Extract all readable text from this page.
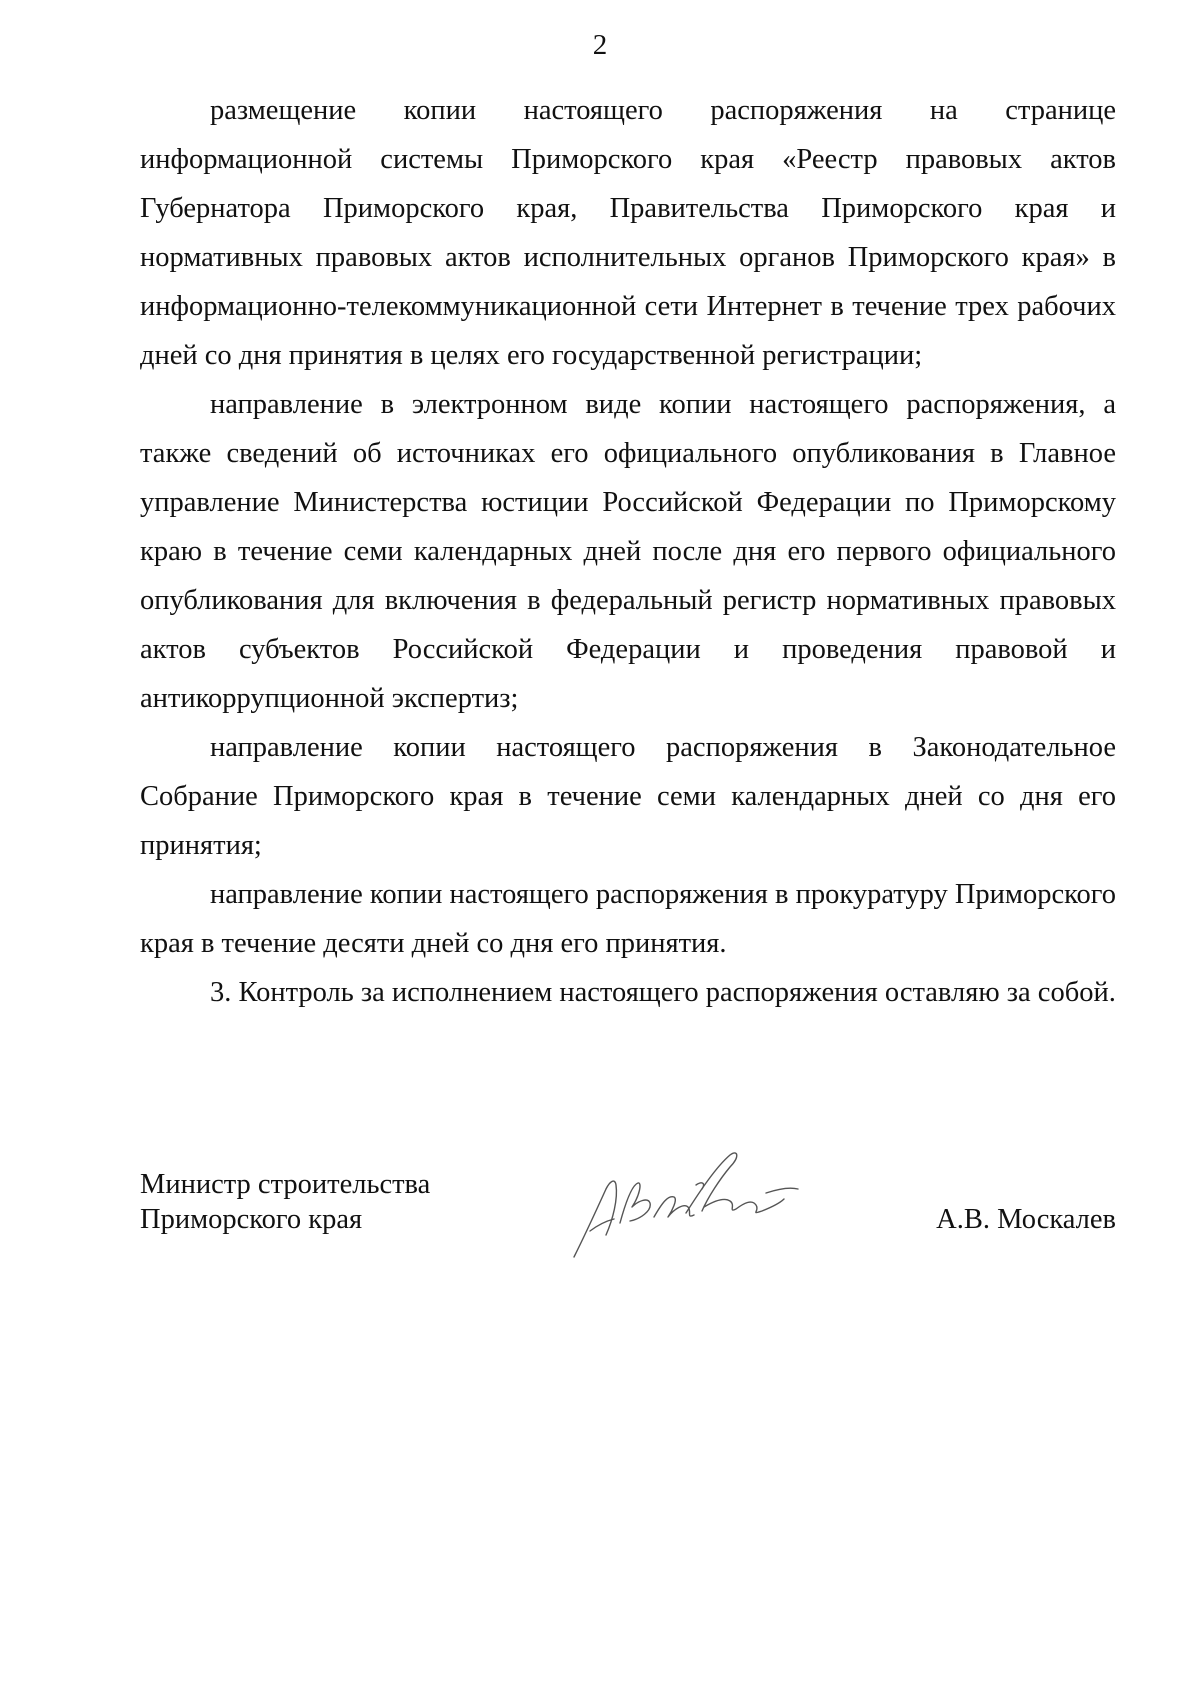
2

размещение копии настоящего распоряжения на странице информационной системы Приморского края «Реестр правовых актов Губернатора Приморского края, Правительства Приморского края и нормативных правовых актов исполнительных органов Приморского края» в информационно-телекоммуникационной сети Интернет в течение трех рабочих дней со дня принятия в целях его государственной регистрации;

направление в электронном виде копии настоящего распоряжения, а также сведений об источниках его официального опубликования в Главное управление Министерства юстиции Российской Федерации по Приморскому краю в течение семи календарных дней после дня его первого официального опубликования для включения в федеральный регистр нормативных правовых актов субъектов Российской Федерации и проведения правовой и антикоррупционной экспертиз;

направление копии настоящего распоряжения в Законодательное Собрание Приморского края в течение семи календарных дней со дня его принятия;

направление копии настоящего распоряжения в прокуратуру Приморского края в течение десяти дней со дня его принятия.

3. Контроль за исполнением настоящего распоряжения оставляю за собой.

Министр строительства
Приморского края	А.В. Москалев
